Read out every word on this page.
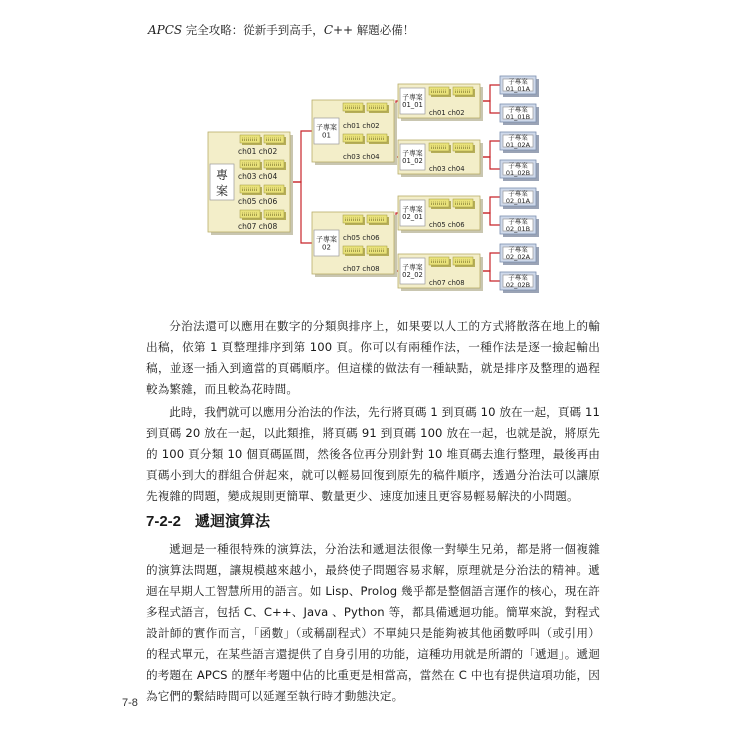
APCS 完全攻略：從新手到高手，C++ 解題必備！
專
案
ch01 ch02
ch03 ch04
ch05 ch06
ch07 ch08
子專案
01
ch01 ch02
ch03 ch04
子專案
02
ch05 ch06
ch07 ch08
子專案
01_01
ch01 ch02
子專案
01_02
ch03 ch04
子專案
02_01
ch05 ch06
子專案
02_02
ch07 ch08
子專案
01_01A
子專案
01_01B
子專案
01_02A
子專案
01_02B
子專案
02_01A
子專案
02_01B
子專案
02_02A
子專案
02_02B

分治法還可以應用在數字的分類與排序上，如果要以人工的方式將散落在地上的輸出稿，依第 1 頁整理排序到第 100 頁。你可以有兩種作法，一種作法是逐一撿起輸出稿，並逐一插入到適當的頁碼順序。但這樣的做法有一種缺點，就是排序及整理的過程較為繁雜，而且較為花時間。

此時，我們就可以應用分治法的作法，先行將頁碼 1 到頁碼 10 放在一起，頁碼 11 到頁碼 20 放在一起，以此類推，將頁碼 91 到頁碼 100 放在一起，也就是說，將原先的 100 頁分類 10 個頁碼區間，然後各位再分別針對 10 堆頁碼去進行整理，最後再由頁碼小到大的群組合併起來，就可以輕易回復到原先的稿件順序，透過分治法可以讓原先複雜的問題，變成規則更簡單、數量更少、速度加速且更容易輕易解決的小問題。

7-2-2 遞迴演算法

遞迴是一種很特殊的演算法，分治法和遞迴法很像一對孿生兄弟，都是將一個複雜的演算法問題，讓規模越來越小，最終使子問題容易求解，原理就是分治法的精神。遞迴在早期人工智慧所用的語言。如 Lisp、Prolog 幾乎都是整個語言運作的核心，現在許多程式語言，包括 C、C++、Java 、Python 等，都具備遞迴功能。簡單來說，對程式設計師的實作而言，「函數」（或稱副程式）不單純只是能夠被其他函數呼叫（或引用）的程式單元，在某些語言還提供了自身引用的功能，這種功用就是所謂的「遞迴」。遞迴的考題在 APCS 的歷年考題中佔的比重更是相當高，當然在 C 中也有提供這項功能，因為它們的繫結時間可以延遲至執行時才動態決定。

7-8
